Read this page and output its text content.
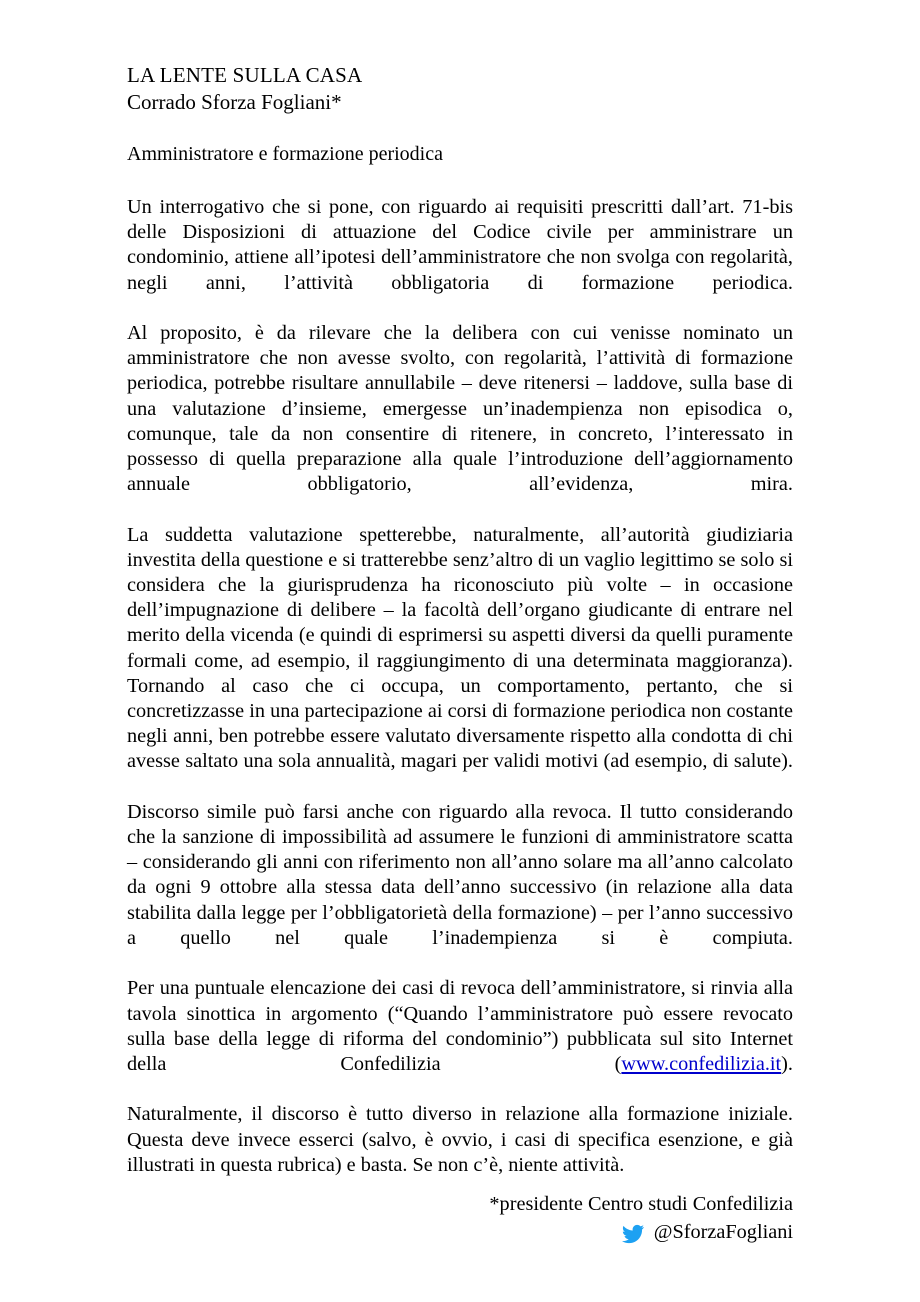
LA LENTE SULLA CASA
Corrado Sforza Fogliani*
Amministratore e formazione periodica

Un interrogativo che si pone, con riguardo ai requisiti prescritti dall’art. 71-bis delle Disposizioni di attuazione del Codice civile per amministrare un condominio, attiene all’ipotesi dell’amministratore che non svolga con regolarità, negli anni, l’attività obbligatoria di formazione periodica.

Al proposito, è da rilevare che la delibera con cui venisse nominato un amministratore che non avesse svolto, con regolarità, l’attività di formazione periodica, potrebbe risultare annullabile – deve ritenersi – laddove, sulla base di una valutazione d’insieme, emergesse un’inadempienza non episodica o, comunque, tale da non consentire di ritenere, in concreto, l’interessato in possesso di quella preparazione alla quale l’introduzione dell’aggiornamento annuale obbligatorio, all’evidenza, mira.

La suddetta valutazione spetterebbe, naturalmente, all’autorità giudiziaria investita della questione e si tratterebbe senz’altro di un vaglio legittimo se solo si considera che la giurisprudenza ha riconosciuto più volte – in occasione dell’impugnazione di delibere – la facoltà dell’organo giudicante di entrare nel merito della vicenda (e quindi di esprimersi su aspetti diversi da quelli puramente formali come, ad esempio, il raggiungimento di una determinata maggioranza). Tornando al caso che ci occupa, un comportamento, pertanto, che si concretizzasse in una partecipazione ai corsi di formazione periodica non costante negli anni, ben potrebbe essere valutato diversamente rispetto alla condotta di chi avesse saltato una sola annualità, magari per validi motivi (ad esempio, di salute).

Discorso simile può farsi anche con riguardo alla revoca. Il tutto considerando che la sanzione di impossibilità ad assumere le funzioni di amministratore scatta – considerando gli anni con riferimento non all’anno solare ma all’anno calcolato da ogni 9 ottobre alla stessa data dell’anno successivo (in relazione alla data stabilita dalla legge per l’obbligatorietà della formazione) – per l’anno successivo a quello nel quale l’inadempienza si è compiuta.

Per una puntuale elencazione dei casi di revoca dell’amministratore, si rinvia alla tavola sinottica in argomento (“Quando l’amministratore può essere revocato sulla base della legge di riforma del condominio”) pubblicata sul sito Internet della Confedilizia (www.confedilizia.it).

Naturalmente, il discorso è tutto diverso in relazione alla formazione iniziale. Questa deve invece esserci (salvo, è ovvio, i casi di specifica esenzione, e già illustrati in questa rubrica) e basta. Se non c’è, niente attività.

*presidente Centro studi Confedilizia
@SforzaFogliani
